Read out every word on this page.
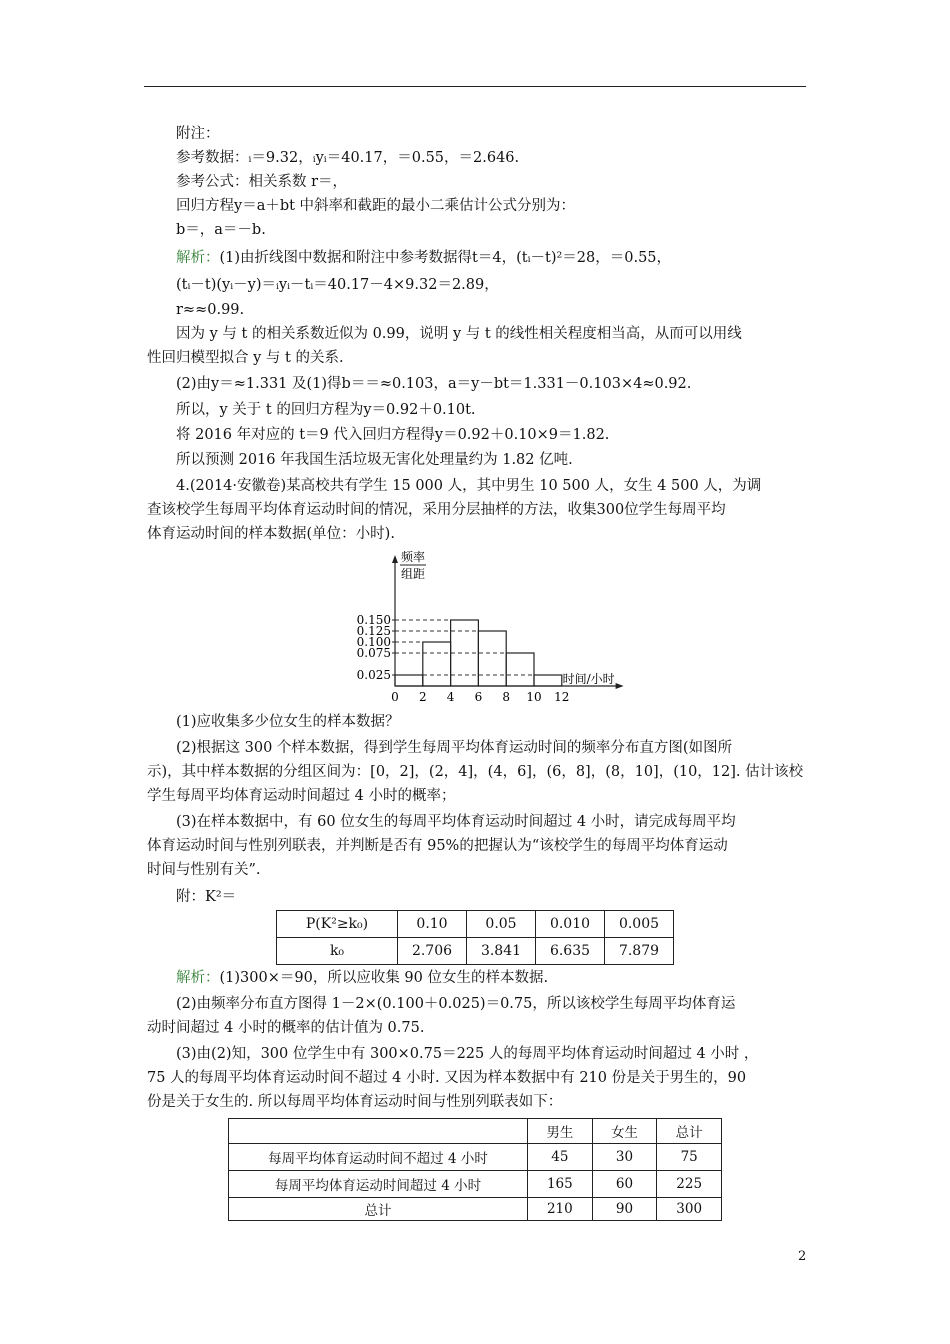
附注：
参考数据：ᵢ＝9.32，ᵢyᵢ＝40.17，＝0.55，＝2.646.
参考公式：相关系数 r＝，
回归方程y＝a＋bt 中斜率和截距的最小二乘估计公式分别为：
b＝，a＝－b.
解析：(1)由折线图中数据和附注中参考数据得t＝4，(tᵢ－t)²＝28，＝0.55，
(tᵢ－t)(yᵢ－y)＝ᵢyᵢ－tᵢ＝40.17－4×9.32＝2.89，
r≈≈0.99.
因为 y 与 t 的相关系数近似为 0.99，说明 y 与 t 的线性相关程度相当高，从而可以用线
性回归模型拟合 y 与 t 的关系.
(2)由y＝≈1.331 及(1)得b＝＝≈0.103，a＝y－bt＝1.331－0.103×4≈0.92.
所以，y 关于 t 的回归方程为y＝0.92＋0.10t.
将 2016 年对应的 t＝9 代入回归方程得y＝0.92＋0.10×9＝1.82.
所以预测 2016 年我国生活垃圾无害化处理量约为 1.82 亿吨.
4.(2014·安徽卷)某高校共有学生 15 000 人，其中男生 10 500 人，女生 4 500 人，为调
查该校学生每周平均体育运动时间的情况，采用分层抽样的方法，收集300位学生每周平均
体育运动时间的样本数据(单位：小时).
0.150
0.125
0.100
0.075
0.025
0 2 4 6 8 10 12
频率
组距
时间/小时
(1)应收集多少位女生的样本数据？
(2)根据这 300 个样本数据，得到学生每周平均体育运动时间的频率分布直方图(如图所
示)，其中样本数据的分组区间为：[0，2]，(2，4]，(4，6]，(6，8]，(8，10]，(10，12]. 估计该校
学生每周平均体育运动时间超过 4 小时的概率；
(3)在样本数据中，有 60 位女生的每周平均体育运动时间超过 4 小时，请完成每周平均
体育运动时间与性别列联表，并判断是否有 95%的把握认为“该校学生的每周平均体育运动
时间与性别有关”.
附：K²＝
P(K²≥k₀)	0.10	0.05	0.010	0.005
k₀	2.706	3.841	6.635	7.879
解析：(1)300×＝90，所以应收集 90 位女生的样本数据.
(2)由频率分布直方图得 1－2×(0.100＋0.025)＝0.75，所以该校学生每周平均体育运
动时间超过 4 小时的概率的估计值为 0.75.
(3)由(2)知，300 位学生中有 300×0.75＝225 人的每周平均体育运动时间超过 4 小时 ，
75 人的每周平均体育运动时间不超过 4 小时. 又因为样本数据中有 210 份是关于男生的，90
份是关于女生的. 所以每周平均体育运动时间与性别列联表如下：
	男生	女生	总计
每周平均体育运动时间不超过 4 小时	45	30	75
每周平均体育运动时间超过 4 小时	165	60	225
总计	210	90	300
2
